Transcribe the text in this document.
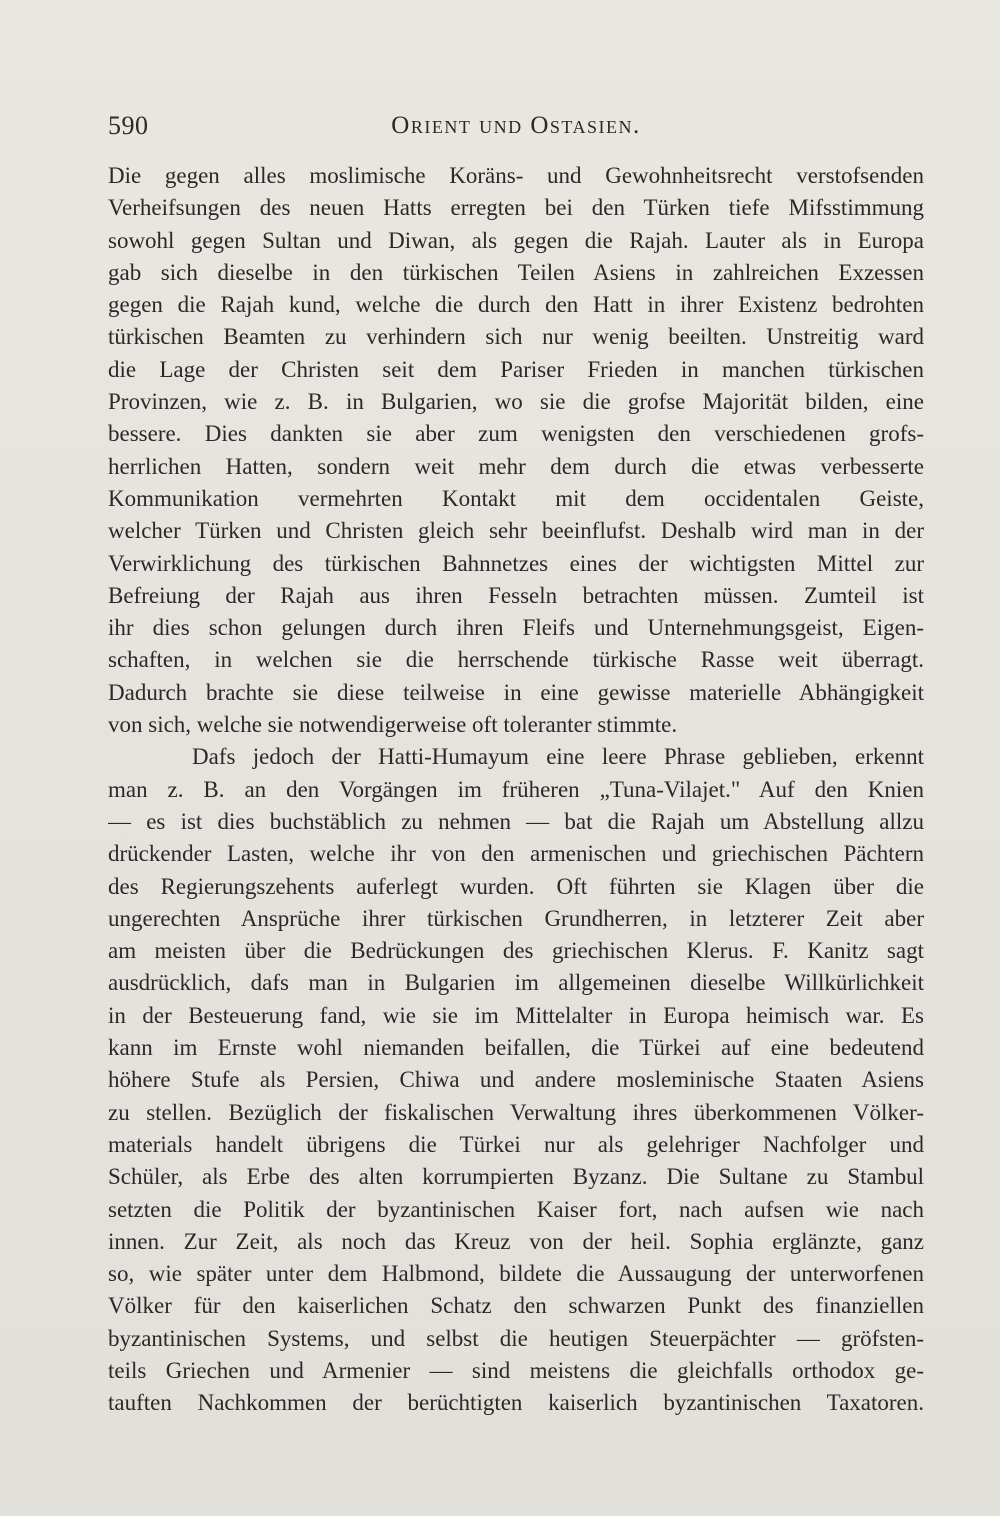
590	Orient und Ostasien.
Die gegen alles moslimische Koräns- und Gewohnheitsrecht verstofsenden
Verheifsungen des neuen Hatts erregten bei den Türken tiefe Mifsstimmung
sowohl gegen Sultan und Diwan, als gegen die Rajah. Lauter als in Europa
gab sich dieselbe in den türkischen Teilen Asiens in zahlreichen Exzessen
gegen die Rajah kund, welche die durch den Hatt in ihrer Existenz bedrohten
türkischen Beamten zu verhindern sich nur wenig beeilten. Unstreitig ward
die Lage der Christen seit dem Pariser Frieden in manchen türkischen
Provinzen, wie z. B. in Bulgarien, wo sie die grofse Majorität bilden, eine
bessere. Dies dankten sie aber zum wenigsten den verschiedenen grofs-
herrlichen Hatten, sondern weit mehr dem durch die etwas verbesserte
Kommunikation vermehrten Kontakt mit dem occidentalen Geiste,
welcher Türken und Christen gleich sehr beeinflufst. Deshalb wird man in der
Verwirklichung des türkischen Bahnnetzes eines der wichtigsten Mittel zur
Befreiung der Rajah aus ihren Fesseln betrachten müssen. Zumteil ist
ihr dies schon gelungen durch ihren Fleifs und Unternehmungsgeist, Eigen-
schaften, in welchen sie die herrschende türkische Rasse weit überragt.
Dadurch brachte sie diese teilweise in eine gewisse materielle Abhängigkeit
von sich, welche sie notwendigerweise oft toleranter stimmte.
Dafs jedoch der Hatti-Humayum eine leere Phrase geblieben, erkennt
man z. B. an den Vorgängen im früheren „Tuna-Vilajet." Auf den Knien
— es ist dies buchstäblich zu nehmen — bat die Rajah um Abstellung allzu
drückender Lasten, welche ihr von den armenischen und griechischen Pächtern
des Regierungszehents auferlegt wurden. Oft führten sie Klagen über die
ungerechten Ansprüche ihrer türkischen Grundherren, in letzterer Zeit aber
am meisten über die Bedrückungen des griechischen Klerus. F. Kanitz sagt
ausdrücklich, dafs man in Bulgarien im allgemeinen dieselbe Willkürlichkeit
in der Besteuerung fand, wie sie im Mittelalter in Europa heimisch war. Es
kann im Ernste wohl niemanden beifallen, die Türkei auf eine bedeutend
höhere Stufe als Persien, Chiwa und andere mosleminische Staaten Asiens
zu stellen. Bezüglich der fiskalischen Verwaltung ihres überkommenen Völker-
materials handelt übrigens die Türkei nur als gelehriger Nachfolger und
Schüler, als Erbe des alten korrumpierten Byzanz. Die Sultane zu Stambul
setzten die Politik der byzantinischen Kaiser fort, nach aufsen wie nach
innen. Zur Zeit, als noch das Kreuz von der heil. Sophia erglänzte, ganz
so, wie später unter dem Halbmond, bildete die Aussaugung der unterworfenen
Völker für den kaiserlichen Schatz den schwarzen Punkt des finanziellen
byzantinischen Systems, und selbst die heutigen Steuerpächter — gröfsten-
teils Griechen und Armenier — sind meistens die gleichfalls orthodox ge-
tauften Nachkommen der berüchtigten kaiserlich byzantinischen Taxatoren.
